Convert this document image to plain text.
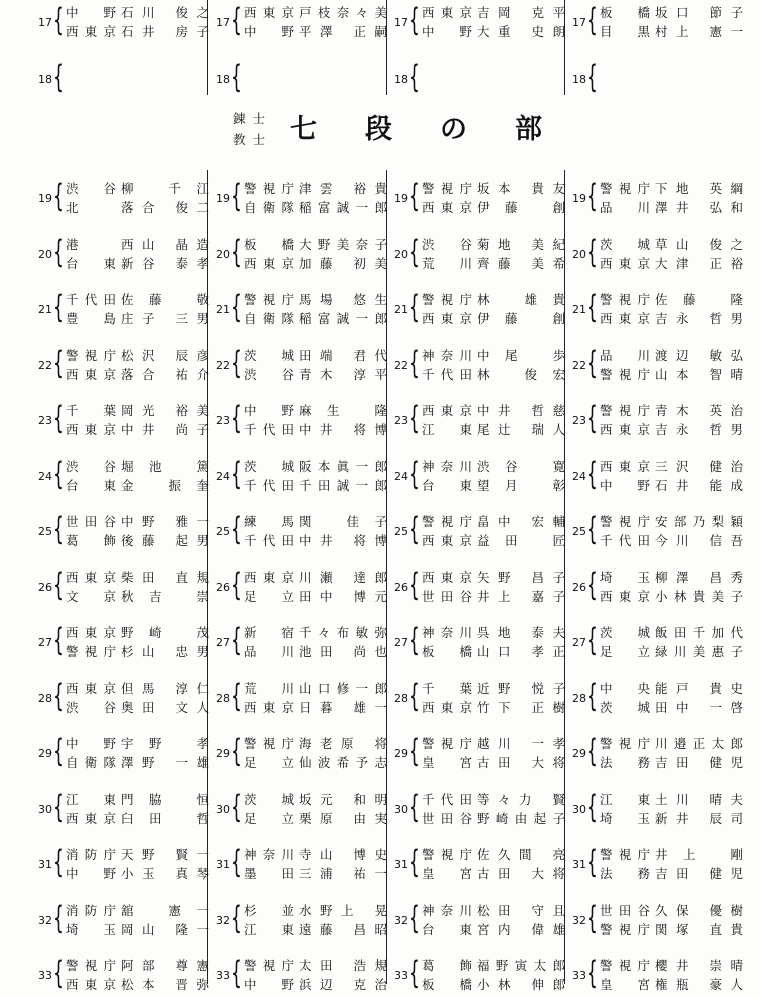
17 { 中野 石川 俊之
西東京 石井 房子
18 {
17 { 西東京 戸枝奈々美
中野 平澤 正嗣
18 {
17 { 西東京 吉岡 克平
中野 大重 史朗
18 {
17 { 板橋 坂口 節子
目黒 村上 憲一
18 {
錬士
教士 七段の部
19 { 渋谷 柳 千江
北	落合 俊二
20 { 港	西山 晶造
台東 新谷 泰孝
21 { 千代田 佐藤 敬
豊島 庄子 三男
22 { 警視庁 松沢 辰彦
西東京 落合 祐介
23 { 千葉 岡光 裕美
西東京 中井 尚子
24 { 渋谷 堀池 篤
台東 金 振奎
25 { 世田谷 中野 雅一
葛飾 後藤 起男
26 { 西東京 柴田 直規
文京 秋吉 崇
27 { 西東京 野崎 茂
警視庁 杉山 忠男
28 { 西東京 但馬 淳仁
渋谷 奥田 文人
29 { 中野 宇野 孝
自衛隊 澤野 一雄
30 { 江東 門脇 恒
西東京 臼田 哲
31 { 消防庁 天野 賢一
中野 小玉 真琴
32 { 消防庁 舘 憲一
埼玉 岡山 隆一
33 { 警視庁 阿部 尊憲
西東京 松本 晋弥
19 { 警視庁 津雲 裕貴
自衛隊 稲富誠一郎
20 { 板橋 大野美奈子
西東京 加藤 初美
21 { 警視庁 馬場 悠生
自衛隊 稲富誠一郎
22 { 茨城 田端 君代
渋谷 青木 淳平
23 { 中野 麻生 隆
千代田 中井 将博
24 { 茨城 阪本眞一郎
千代田 千田誠一郎
25 { 練馬 関 佳子
千代田 中井 将博
26 { 西東京 川瀬 達郎
足立 田中 博元
27 { 新宿 千々布敏弥
品川 池田 尚也
28 { 荒川 山口修一郎
西東京 日暮 雄一
29 { 警視庁 海老原 将
足立 仙波希予志
30 { 茨城 坂元 和明
足立 栗原 由実
31 { 神奈川 寺山 博史
墨田 三浦 祐一
32 { 杉並 水野上 晃
江東 遠藤 昌昭
33 { 警視庁 太田 浩規
中野 浜辺 克治
19 { 警視庁 坂本 貴友
西東京 伊藤 創
20 { 渋谷 菊地 美紀
荒川 齊藤 美希
21 { 警視庁 林 雄貴
西東京 伊藤 創
22 { 神奈川 中尾 歩
千代田 林 俊宏
23 { 西東京 中井 哲慈
江東 尾辻 瑞人
24 { 神奈川 渋谷 寛
台東 望月 彰
25 { 警視庁 畠中 宏輔
西東京 益田 匠
26 { 西東京 矢野 昌子
世田谷 井上 嘉子
27 { 神奈川 呉地 泰夫
板橋 山口 孝正
28 { 千葉 近野 悦子
西東京 竹下 正樹
29 { 警視庁 越川 一孝
皇宮 古田 大将
30 { 千代田 等々力 賢
世田谷 野崎由起子
31 { 警視庁 佐久間 亮
皇宮 古田 大将
32 { 神奈川 松田 守且
台東 宮内 偉雄
33 { 葛飾 福野寅太郎
板橋 小林 伸郎
19 { 警視庁 下地 英綱
品川 澤井 弘和
20 { 茨城 草山 俊之
西東京 大津 正裕
21 { 警視庁 佐藤 隆
西東京 吉永 哲男
22 { 品川 渡辺 敏弘
警視庁 山本 智晴
23 { 警視庁 青木 英治
西東京 吉永 哲男
24 { 西東京 三沢 健治
中野 石井 能成
25 { 警視庁 安部乃梨穎
千代田 今川 信吾
26 { 埼玉 柳澤 昌秀
西東京 小林貴美子
27 { 茨城 飯田千加代
足立 緑川美惠子
28 { 中央 能戸 貴史
茨城 田中 一啓
29 { 警視庁 川邉正太郎
法務 吉田 健児
30 { 江東 土川 晴夫
埼玉 新井 辰司
31 { 警視庁 井上 剛
法務 吉田 健児
32 { 世田谷 久保 優樹
警視庁 関塚 直貴
33 { 警視庁 櫻井 崇晴
皇宮 権瓶 豪人
